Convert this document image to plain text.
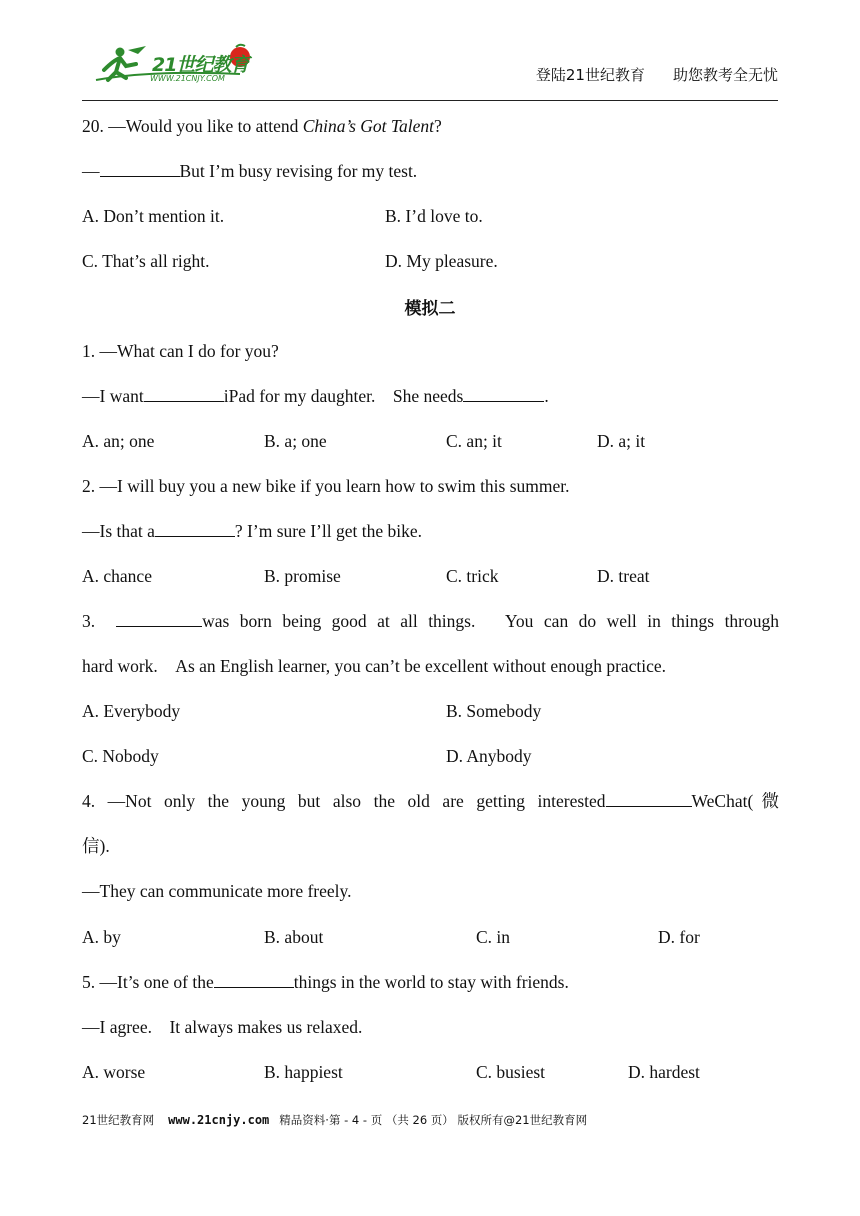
21世纪教育
WWW.21CNJY.COM	登陆21世纪教育 助您教考全无忧
20. —Would you like to attend China’s Got Talent?
—	But I’m busy revising for my test.
A. Don’t mention it.	B. I’d love to.
C. That’s all right.	D. My pleasure.
模拟二
1. —What can I do for you?
—I want	iPad for my daughter.　She needs	.
A. an; one	B. a; one	C. an; it	D. a; it
2. —I will buy you a new bike if you learn how to swim this summer.
—Is that a	? I’m sure I’ll get the bike.
A. chance	B. promise	C. trick	D. treat
3.	was born being good at all things.　You can do well in things through
hard work.　As an English learner, you can’t be excellent without enough practice.
A. Everybody	B. Somebody
C. Nobody	D. Anybody
4. —Not only the young but also the old are getting interested	WeChat(微
信).
—They can communicate more freely.
A. by	B. about	C. in	D. for
5. —It’s one of the	things in the world to stay with friends.
—I agree.　It always makes us relaxed.
A. worse	B. happiest	C. busiest	D. hardest
21世纪教育网 www.21cnjy.com 精品资料·第 - 4 - 页 （共 26 页） 版权所有@21世纪教育网
